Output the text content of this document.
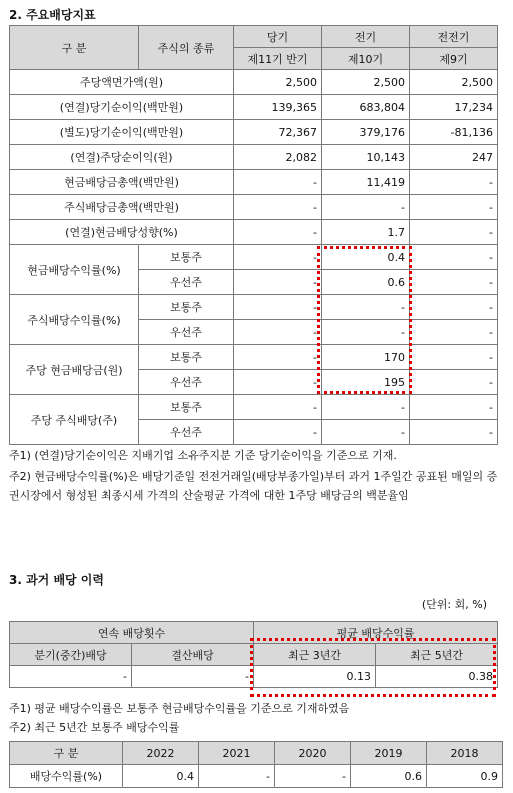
2. 주요배당지표
구 분	주식의 종류	당기	전기	전전기
		제11기 반기	제10기	제9기
주당액면가액(원)		2,500	2,500	2,500
(연결)당기순이익(백만원)		139,365	683,804	17,234
(별도)당기순이익(백만원)		72,367	379,176	-81,136
(연결)주당순이익(원)		2,082	10,143	247
현금배당금총액(백만원)		-	11,419	-
주식배당금총액(백만원)		-	-	-
(연결)현금배당성향(%)		-	1.7	-
현금배당수익률(%)	보통주	-	0.4	-
	우선주	-	0.6	-
주식배당수익률(%)	보통주	-	-	-
	우선주	-	-	-
주당 현금배당금(원)	보통주	-	170	-
	우선주	-	195	-
주당 주식배당(주)	보통주	-	-	-
	우선주	-	-	-
주1) (연결)당기순이익은 지배기업 소유주지분 기준 당기순이익을 기준으로 기재.
주2) 현금배당수익률(%)은 배당기준일 전전거래일(배당부종가일)부터 과거 1주일간 공표된 매일의 증권시장에서 형성된 최종시세 가격의 산술평균 가격에 대한 1주당 배당금의 백분율임
3. 과거 배당 이력
(단위: 회, %)
연속 배당횟수		평균 배당수익률	
분기(중간)배당	결산배당	최근 3년간	최근 5년간
-	-	0.13	0.38
주1) 평균 배당수익률은 보통주 현금배당수익률을 기준으로 기재하였음
주2) 최근 5년간 보통주 배당수익률
구 분	2022	2021	2020	2019	2018
배당수익률(%)	0.4	-	-	0.6	0.9
